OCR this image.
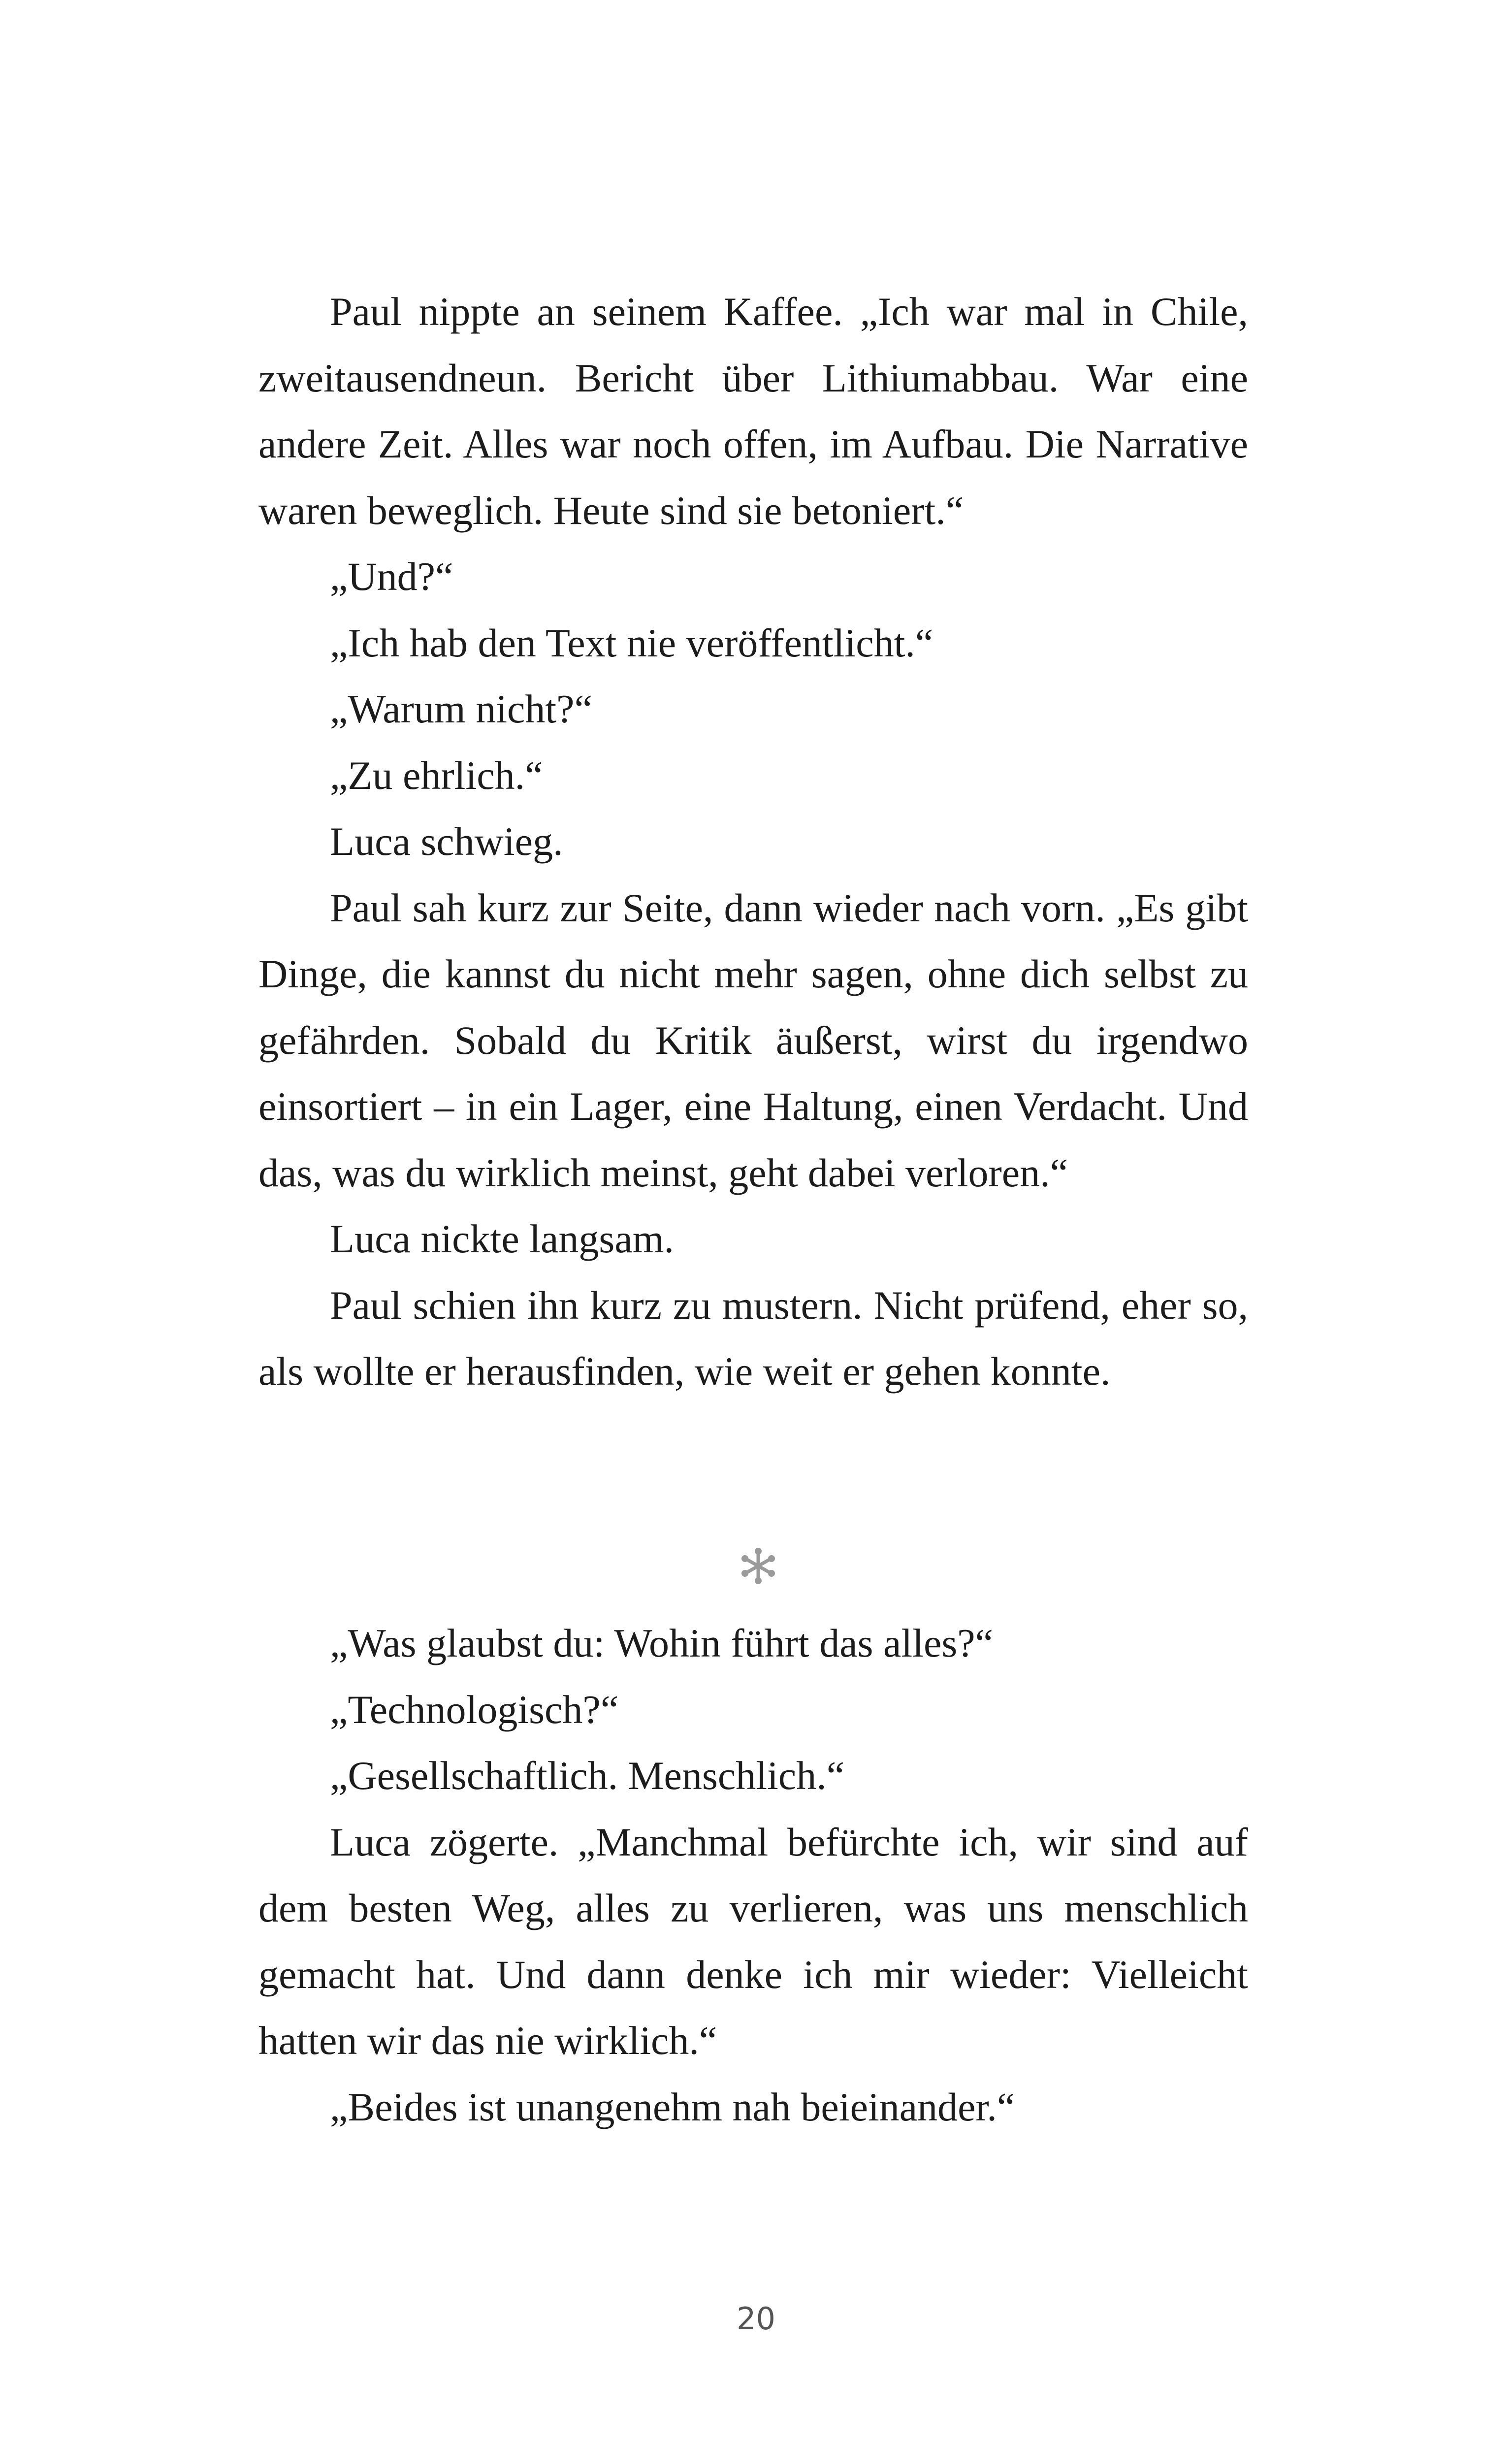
Paul nippte an seinem Kaffee. „Ich war mal in Chile, zweitausendneun. Bericht über Lithiumabbau. War eine andere Zeit. Alles war noch offen, im Aufbau. Die Narrative waren beweglich. Heute sind sie betoniert.“

„Und?“

„Ich hab den Text nie veröffentlicht.“

„Warum nicht?“

„Zu ehrlich.“

Luca schwieg.

Paul sah kurz zur Seite, dann wieder nach vorn. „Es gibt Dinge, die kannst du nicht mehr sagen, ohne dich selbst zu gefährden. Sobald du Kritik äußerst, wirst du irgendwo einsortiert – in ein Lager, eine Haltung, einen Verdacht. Und das, was du wirklich meinst, geht dabei verloren.“

Luca nickte langsam.

Paul schien ihn kurz zu mustern. Nicht prüfend, eher so, als wollte er herausfinden, wie weit er gehen konnte.

„Was glaubst du: Wohin führt das alles?“

„Technologisch?“

„Gesellschaftlich. Menschlich.“

Luca zögerte. „Manchmal befürchte ich, wir sind auf dem besten Weg, alles zu verlieren, was uns menschlich gemacht hat. Und dann denke ich mir wieder: Vielleicht hatten wir das nie wirklich.“

„Beides ist unangenehm nah beieinander.“

20
